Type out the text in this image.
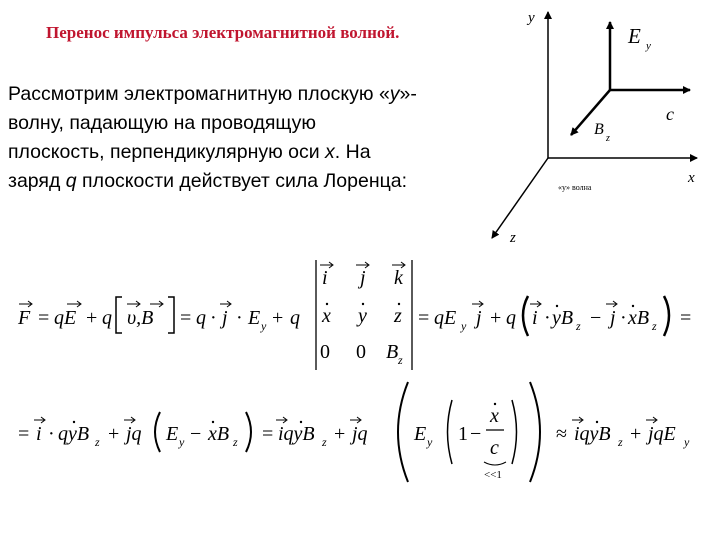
Перенос импульса электромагнитной волной.
Рассмотрим электромагнитную плоскую «y»-
волну, падающую на проводящую
плоскость, перпендикулярную оси x. На
заряд q плоскости действует сила Лоренца:
y
x
z
E y
B
z
c
«y» волна
F = qE + q υ,B = q · j · E y + q
i j k
x y z
0 0 B z
= qE y j + q i · yB z − j · xB z =
= i · qyB z + jq E y − xB z = iqyB z + jq E y 1 −
x
c
<<1
≈ iqyB z + jqE y
